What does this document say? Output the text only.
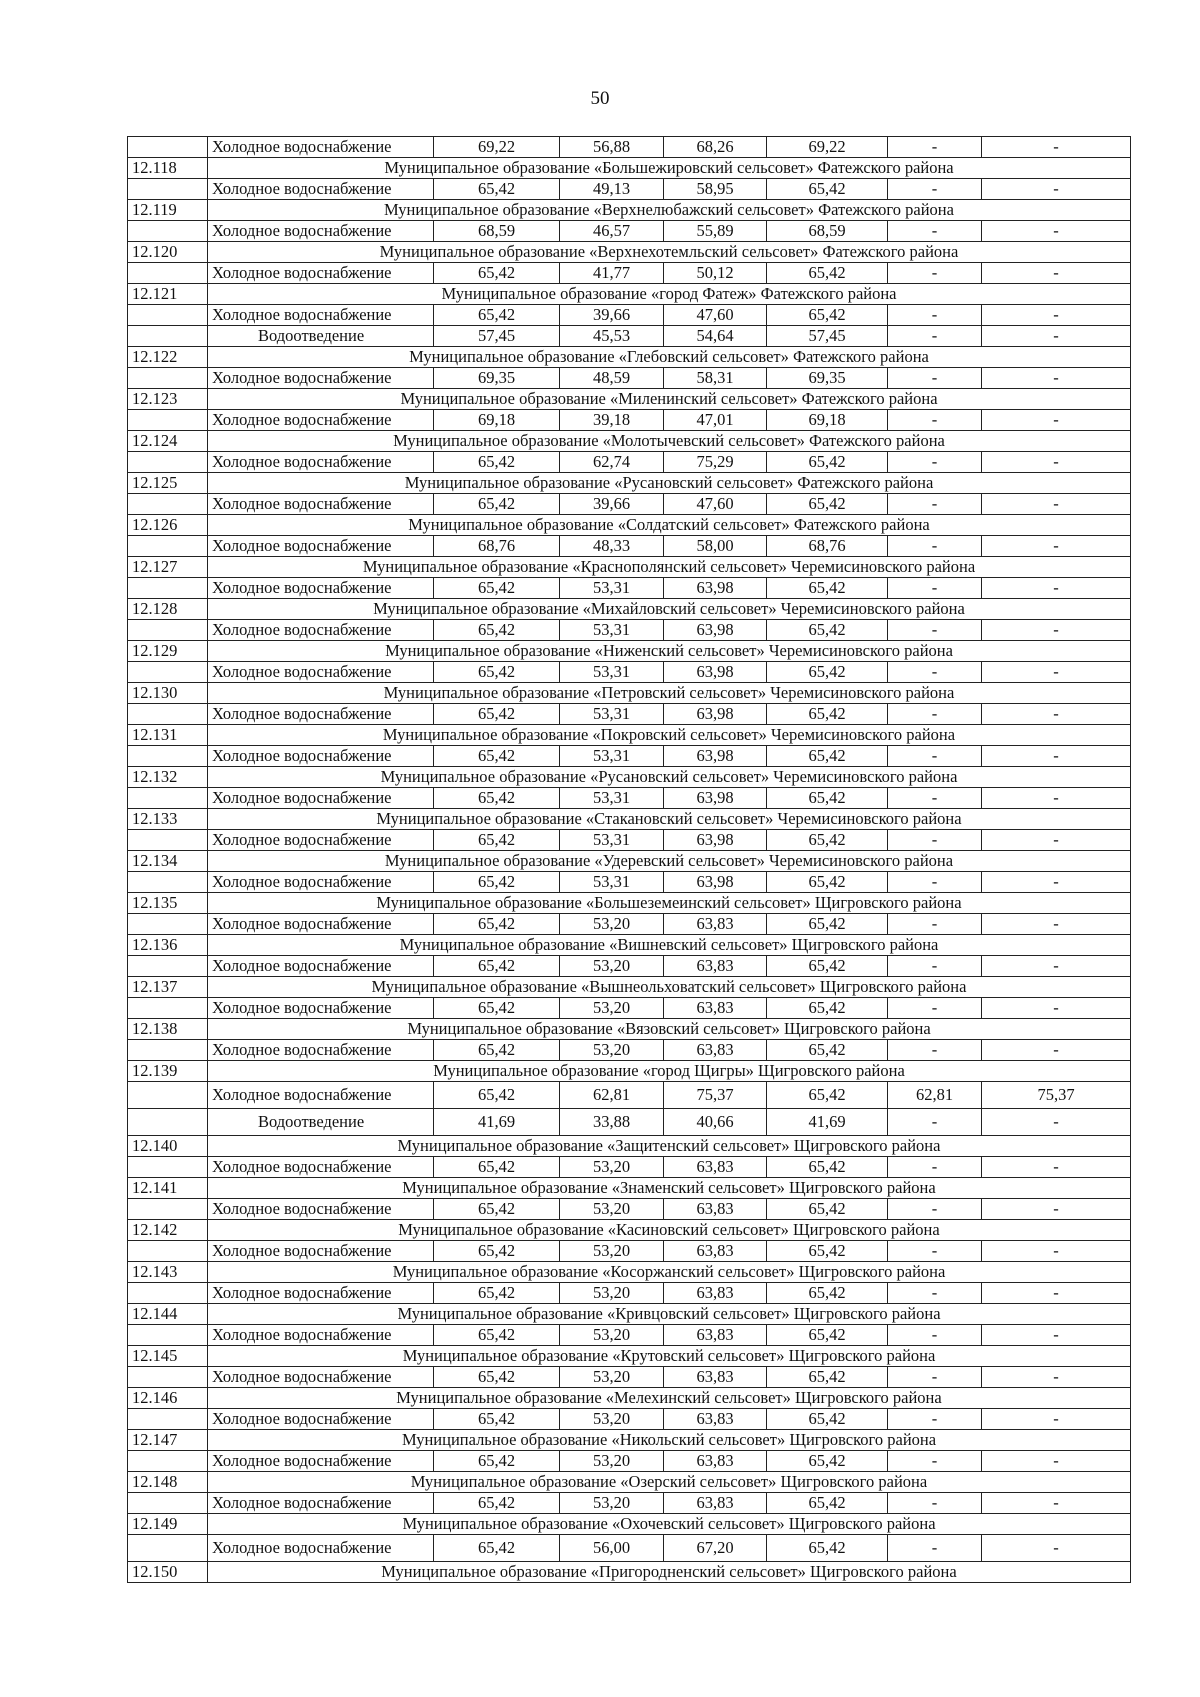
50
	Холодное водоснабжение	69,22	56,88	68,26	69,22	-	-
12.118	Муниципальное образование «Большежировский сельсовет» Фатежского района						
	Холодное водоснабжение	65,42	49,13	58,95	65,42	-	-
12.119	Муниципальное образование «Верхнелюбажский сельсовет» Фатежского района						
	Холодное водоснабжение	68,59	46,57	55,89	68,59	-	-
12.120	Муниципальное образование «Верхнехотемльский сельсовет» Фатежского района						
	Холодное водоснабжение	65,42	41,77	50,12	65,42	-	-
12.121	Муниципальное образование «город Фатеж» Фатежского района						
	Холодное водоснабжение	65,42	39,66	47,60	65,42	-	-
	Водоотведение	57,45	45,53	54,64	57,45	-	-
12.122	Муниципальное образование «Глебовский сельсовет» Фатежского района						
	Холодное водоснабжение	69,35	48,59	58,31	69,35	-	-
12.123	Муниципальное образование «Миленинский сельсовет» Фатежского района						
	Холодное водоснабжение	69,18	39,18	47,01	69,18	-	-
12.124	Муниципальное образование «Молотычевский сельсовет» Фатежского района						
	Холодное водоснабжение	65,42	62,74	75,29	65,42	-	-
12.125	Муниципальное образование «Русановский сельсовет» Фатежского района						
	Холодное водоснабжение	65,42	39,66	47,60	65,42	-	-
12.126	Муниципальное образование «Солдатский сельсовет» Фатежского района						
	Холодное водоснабжение	68,76	48,33	58,00	68,76	-	-
12.127	Муниципальное образование «Краснополянский сельсовет» Черемисиновского района						
	Холодное водоснабжение	65,42	53,31	63,98	65,42	-	-
12.128	Муниципальное образование «Михайловский сельсовет» Черемисиновского района						
	Холодное водоснабжение	65,42	53,31	63,98	65,42	-	-
12.129	Муниципальное образование «Ниженский сельсовет» Черемисиновского района						
	Холодное водоснабжение	65,42	53,31	63,98	65,42	-	-
12.130	Муниципальное образование «Петровский сельсовет» Черемисиновского района						
	Холодное водоснабжение	65,42	53,31	63,98	65,42	-	-
12.131	Муниципальное образование «Покровский сельсовет» Черемисиновского района						
	Холодное водоснабжение	65,42	53,31	63,98	65,42	-	-
12.132	Муниципальное образование «Русановский сельсовет» Черемисиновского района						
	Холодное водоснабжение	65,42	53,31	63,98	65,42	-	-
12.133	Муниципальное образование «Стакановский сельсовет» Черемисиновского района						
	Холодное водоснабжение	65,42	53,31	63,98	65,42	-	-
12.134	Муниципальное образование «Удеревский сельсовет» Черемисиновского района						
	Холодное водоснабжение	65,42	53,31	63,98	65,42	-	-
12.135	Муниципальное образование «Большеземеинский сельсовет» Щигровского района						
	Холодное водоснабжение	65,42	53,20	63,83	65,42	-	-
12.136	Муниципальное образование «Вишневский сельсовет» Щигровского района						
	Холодное водоснабжение	65,42	53,20	63,83	65,42	-	-
12.137	Муниципальное образование «Вышнеольховатский сельсовет» Щигровского района						
	Холодное водоснабжение	65,42	53,20	63,83	65,42	-	-
12.138	Муниципальное образование «Вязовский сельсовет» Щигровского района						
	Холодное водоснабжение	65,42	53,20	63,83	65,42	-	-
12.139	Муниципальное образование «город Щигры» Щигровского района						
	Холодное водоснабжение	65,42	62,81	75,37	65,42	62,81	75,37
	Водоотведение	41,69	33,88	40,66	41,69	-	-
12.140	Муниципальное образование «Защитенский сельсовет» Щигровского района						
	Холодное водоснабжение	65,42	53,20	63,83	65,42	-	-
12.141	Муниципальное образование «Знаменский сельсовет» Щигровского района						
	Холодное водоснабжение	65,42	53,20	63,83	65,42	-	-
12.142	Муниципальное образование «Касиновский сельсовет» Щигровского района						
	Холодное водоснабжение	65,42	53,20	63,83	65,42	-	-
12.143	Муниципальное образование «Косоржанский сельсовет» Щигровского района						
	Холодное водоснабжение	65,42	53,20	63,83	65,42	-	-
12.144	Муниципальное образование «Кривцовский сельсовет» Щигровского района						
	Холодное водоснабжение	65,42	53,20	63,83	65,42	-	-
12.145	Муниципальное образование «Крутовский сельсовет» Щигровского района						
	Холодное водоснабжение	65,42	53,20	63,83	65,42	-	-
12.146	Муниципальное образование «Мелехинский сельсовет» Щигровского района						
	Холодное водоснабжение	65,42	53,20	63,83	65,42	-	-
12.147	Муниципальное образование «Никольский сельсовет» Щигровского района						
	Холодное водоснабжение	65,42	53,20	63,83	65,42	-	-
12.148	Муниципальное образование «Озерский сельсовет» Щигровского района						
	Холодное водоснабжение	65,42	53,20	63,83	65,42	-	-
12.149	Муниципальное образование «Охочевский сельсовет» Щигровского района						
	Холодное водоснабжение	65,42	56,00	67,20	65,42	-	-
12.150	Муниципальное образование «Пригородненский сельсовет» Щигровского района						
